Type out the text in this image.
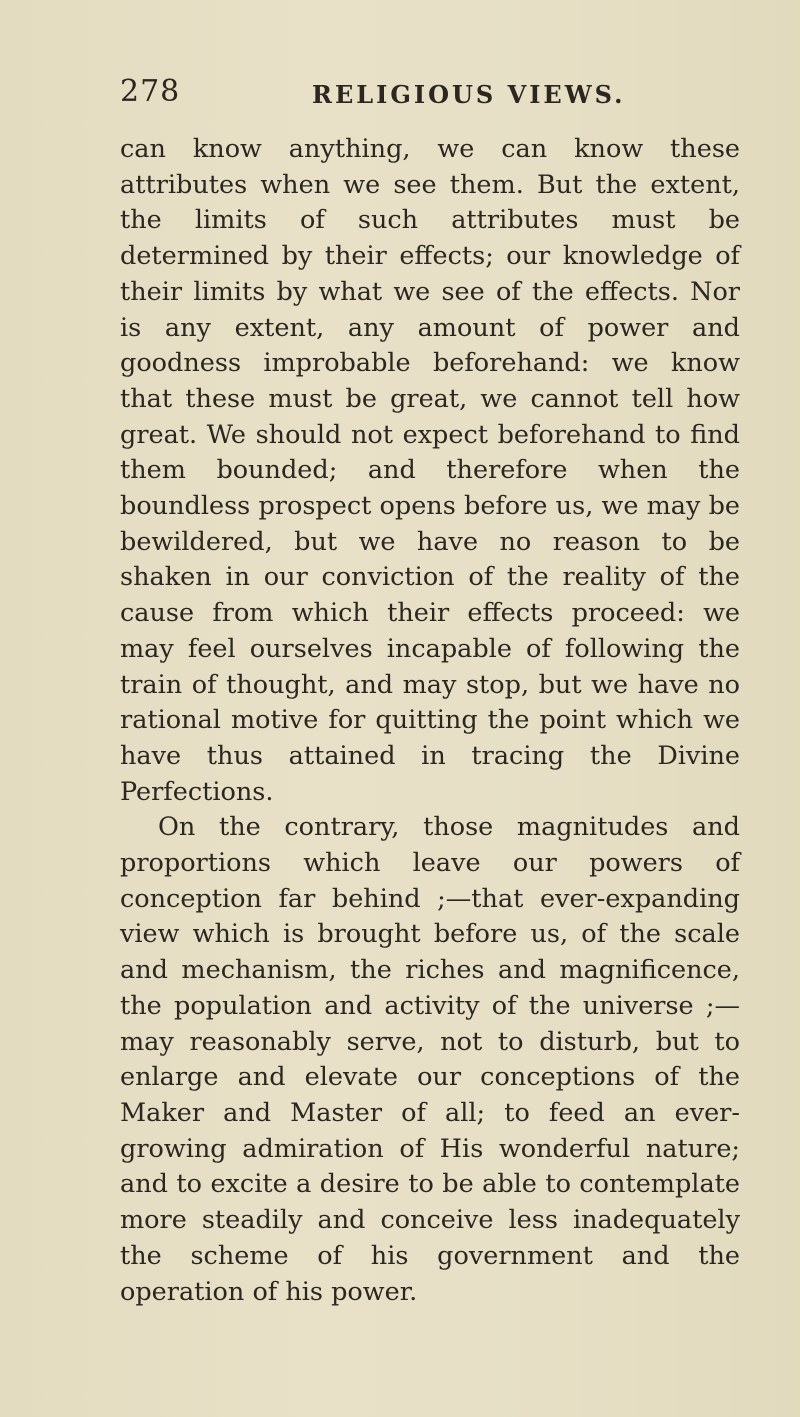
278	RELIGIOUS VIEWS.

can know anything, we can know these attributes when we see them. But the extent, the limits of such attributes must be determined by their effects; our knowledge of their limits by what we see of the effects. Nor is any extent, any amount of power and goodness improbable beforehand: we know that these must be great, we cannot tell how great. We should not expect beforehand to find them bounded; and therefore when the boundless prospect opens before us, we may be bewildered, but we have no reason to be shaken in our conviction of the reality of the cause from which their effects proceed: we may feel ourselves incapable of following the train of thought, and may stop, but we have no rational motive for quitting the point which we have thus attained in tracing the Divine Perfections.

On the contrary, those magnitudes and proportions which leave our powers of conception far behind ;—that ever-expanding view which is brought before us, of the scale and mechanism, the riches and magnificence, the population and activity of the universe ;—may reasonably serve, not to disturb, but to enlarge and elevate our conceptions of the Maker and Master of all; to feed an ever-growing admiration of His wonderful nature; and to excite a desire to be able to contemplate more steadily and conceive less inadequately the scheme of his government and the operation of his power.
